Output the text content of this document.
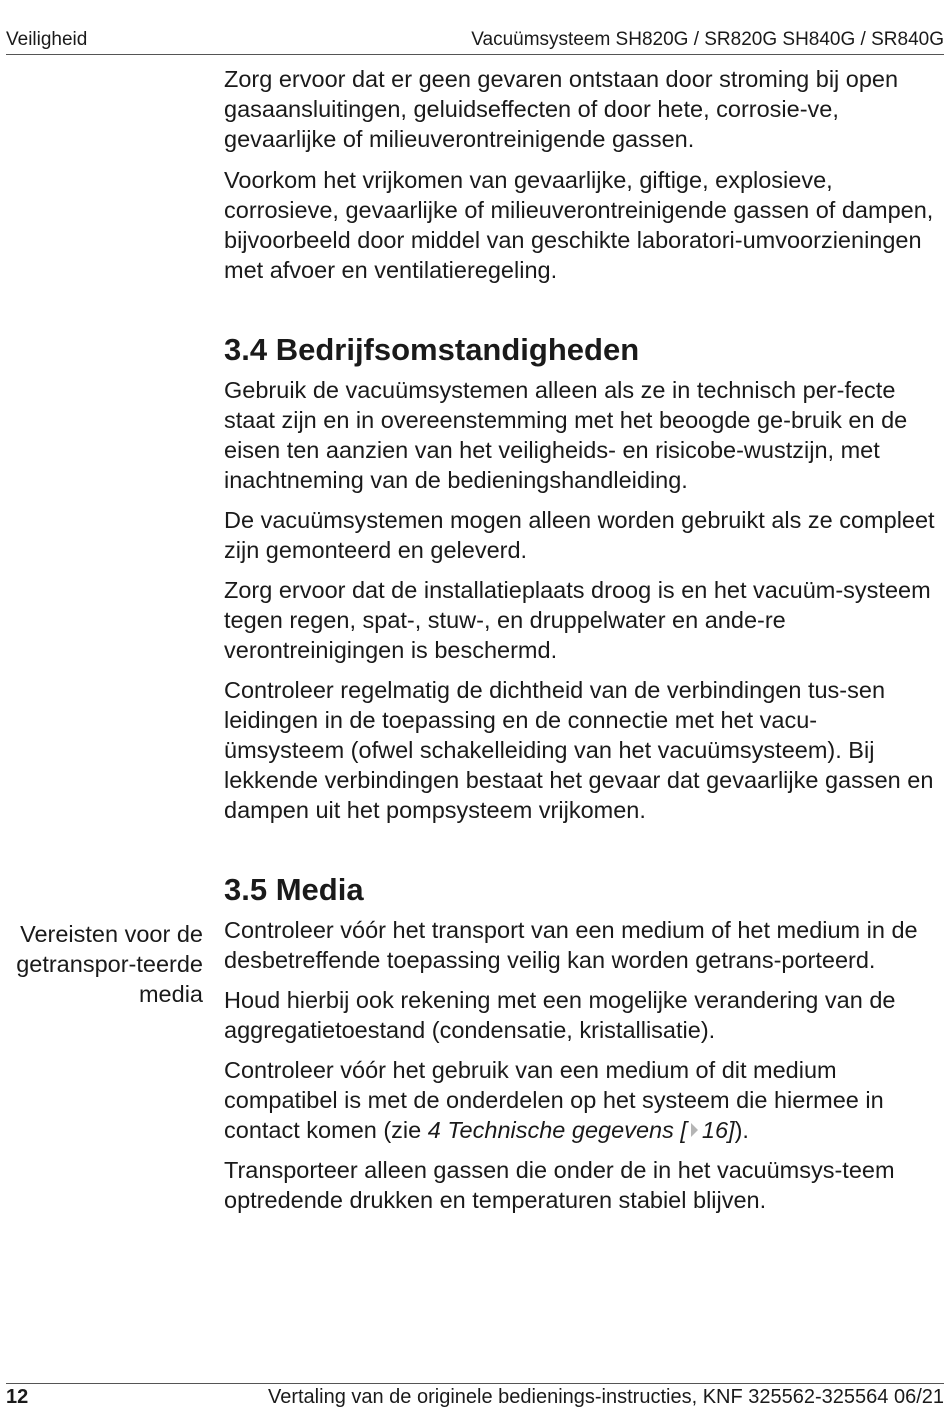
Veiligheid	Vacuümsysteem SH820G / SR820G SH840G / SR840G

Zorg ervoor dat er geen gevaren ontstaan door stroming bij open gasaansluitingen, geluidseffecten of door hete, corrosie-ve, gevaarlijke of milieuverontreinigende gassen.

Voorkom het vrijkomen van gevaarlijke, giftige, explosieve, corrosieve, gevaarlijke of milieuverontreinigende gassen of dampen, bijvoorbeeld door middel van geschikte laboratori-umvoorzieningen met afvoer en ventilatieregeling.

3.4 Bedrijfsomstandigheden

Gebruik de vacuümsystemen alleen als ze in technisch per-fecte staat zijn en in overeenstemming met het beoogde ge-bruik en de eisen ten aanzien van het veiligheids- en risicobe-wustzijn, met inachtneming van de bedieningshandleiding.

De vacuümsystemen mogen alleen worden gebruikt als ze compleet zijn gemonteerd en geleverd.

Zorg ervoor dat de installatieplaats droog is en het vacuüm-systeem tegen regen, spat-, stuw-, en druppelwater en ande-re verontreinigingen is beschermd.

Controleer regelmatig de dichtheid van de verbindingen tus-sen leidingen in de toepassing en de connectie met het vacu-ümsysteem (ofwel schakelleiding van het vacuümsysteem). Bij lekkende verbindingen bestaat het gevaar dat gevaarlijke gassen en dampen uit het pompsysteem vrijkomen.

Vereisten voor de getranspor-teerde media
3.5 Media

Controleer vóór het transport van een medium of het medium in de desbetreffende toepassing veilig kan worden getrans-porteerd.

Houd hierbij ook rekening met een mogelijke verandering van de aggregatietoestand (condensatie, kristallisatie).

Controleer vóór het gebruik van een medium of dit medium compatibel is met de onderdelen op het systeem die hiermee in contact komen (zie 4 Technische gegevens [ 16]).

Transporteer alleen gassen die onder de in het vacuümsys-teem optredende drukken en temperaturen stabiel blijven.

12	Vertaling van de originele bedienings-instructies, KNF 325562-325564 06/21
